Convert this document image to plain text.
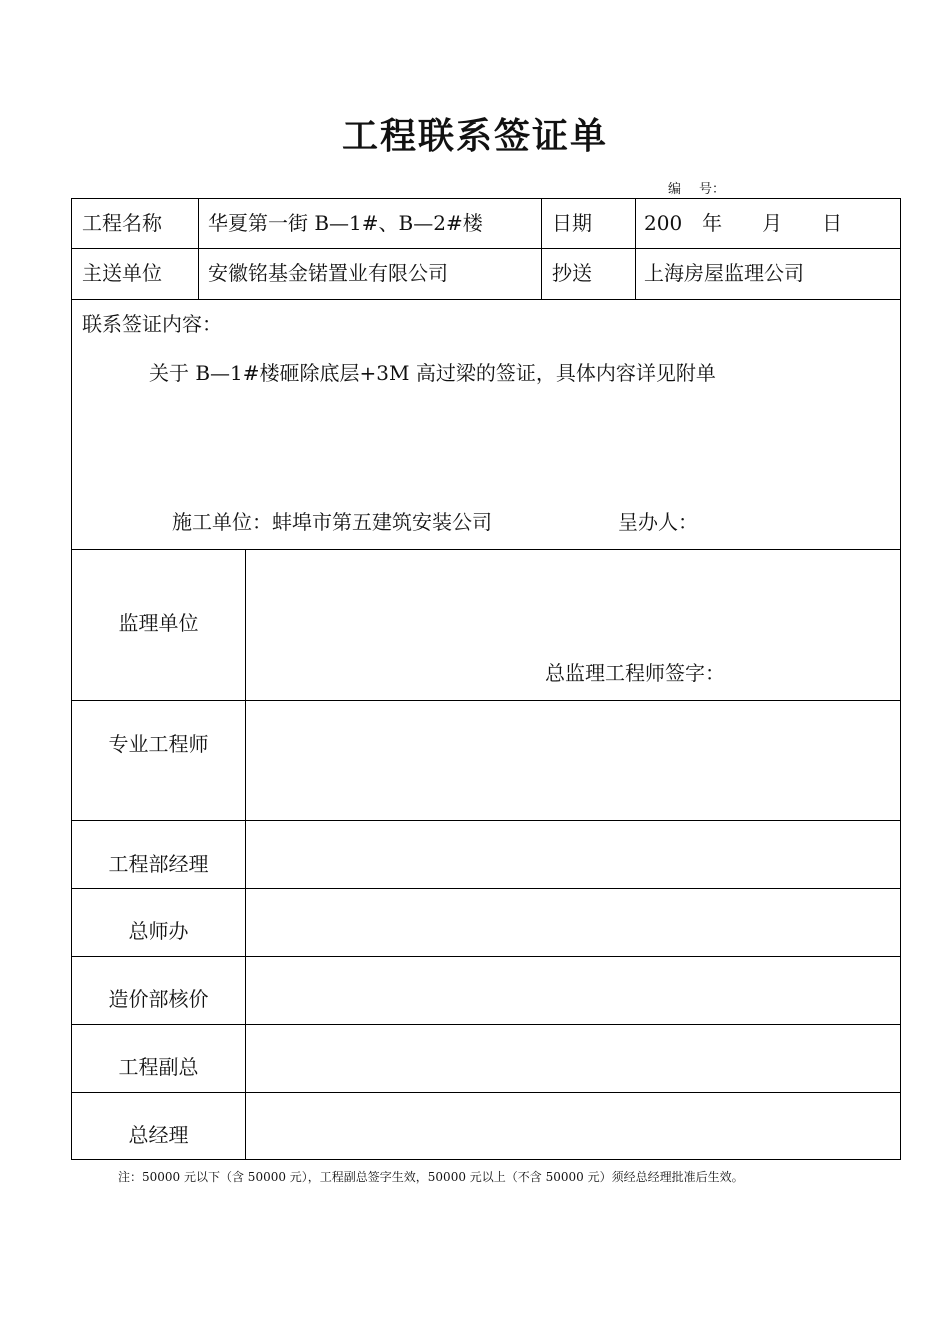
工程联系签证单
编 号：
工程名称 华夏第一街 B—1#、B—2#楼	日期	200　年　　月　　日
主送单位 安徽铭基金锘置业有限公司	抄送	上海房屋监理公司
联系签证内容：
关于 B—1#楼砸除底层+3M 高过梁的签证，具体内容详见附单
施工单位：蚌埠市第五建筑安装公司	呈办人：
监理单位
总监理工程师签字：
专业工程师
工程部经理
总师办
造价部核价
工程副总
总经理
注：50000 元以下（含 50000 元），工程副总签字生效，50000 元以上（不含 50000 元）须经总经理批准后生效。
